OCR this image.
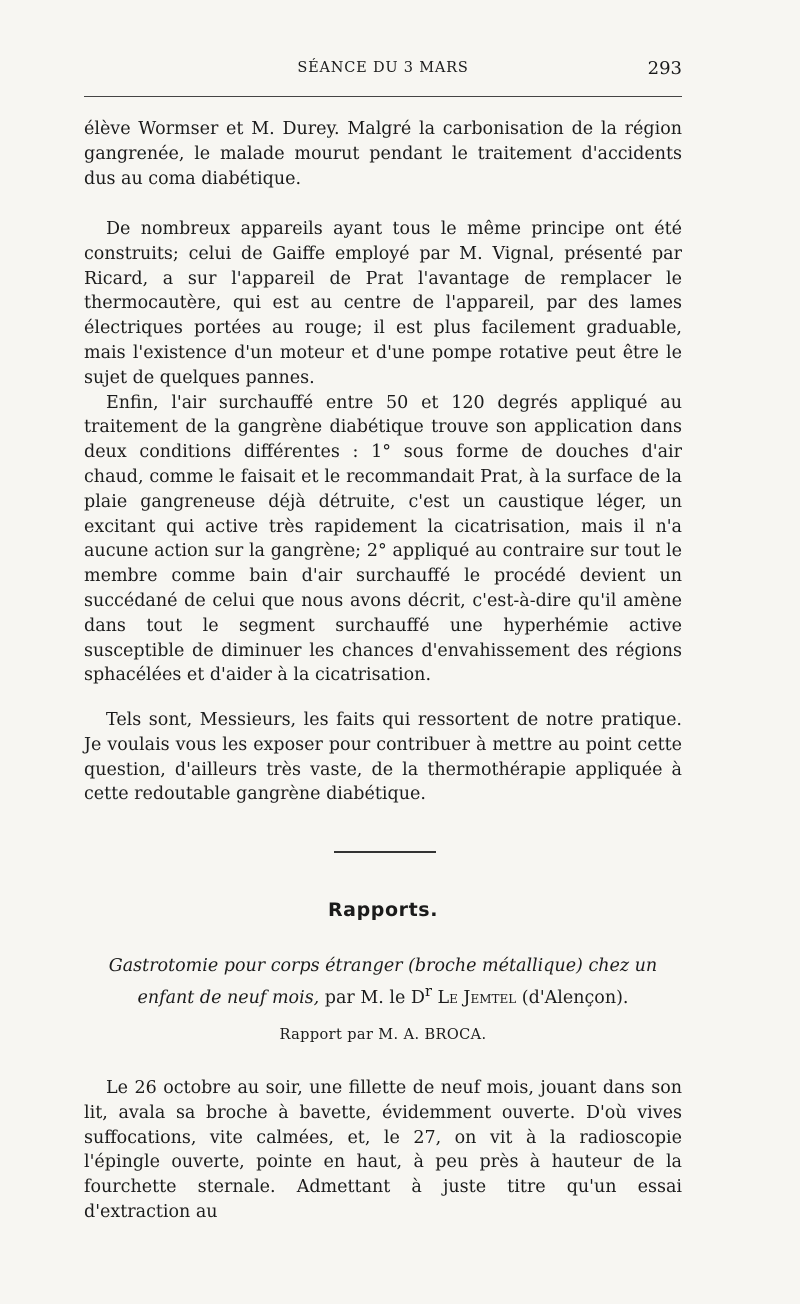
SÉANCE DU 3 MARS	293

élève Wormser et M. Durey. Malgré la carbonisation de la région gangrenée, le malade mourut pendant le traitement d'accidents dus au coma diabétique.

De nombreux appareils ayant tous le même principe ont été construits; celui de Gaiffe employé par M. Vignal, présenté par Ricard, a sur l'appareil de Prat l'avantage de remplacer le thermocautère, qui est au centre de l'appareil, par des lames électriques portées au rouge; il est plus facilement graduable, mais l'existence d'un moteur et d'une pompe rotative peut être le sujet de quelques pannes.

Enfin, l'air surchauffé entre 50 et 120 degrés appliqué au traitement de la gangrène diabétique trouve son application dans deux conditions différentes : 1° sous forme de douches d'air chaud, comme le faisait et le recommandait Prat, à la surface de la plaie gangreneuse déjà détruite, c'est un caustique léger, un excitant qui active très rapidement la cicatrisation, mais il n'a aucune action sur la gangrène; 2° appliqué au contraire sur tout le membre comme bain d'air surchauffé le procédé devient un succédané de celui que nous avons décrit, c'est-à-dire qu'il amène dans tout le segment surchauffé une hyperhémie active susceptible de diminuer les chances d'envahissement des régions sphacélées et d'aider à la cicatrisation.

Tels sont, Messieurs, les faits qui ressortent de notre pratique. Je voulais vous les exposer pour contribuer à mettre au point cette question, d'ailleurs très vaste, de la thermothérapie appliquée à cette redoutable gangrène diabétique.

Rapports.
Gastrotomie pour corps étranger (broche métallique) chez un enfant de neuf mois, par M. le $D^r$ Le Jemtel (d'Alençon).
Rapport par M. A. BROCA.

Le 26 octobre au soir, une fillette de neuf mois, jouant dans son lit, avala sa broche à bavette, évidemment ouverte. D'où vives suffocations, vite calmées, et, le 27, on vit à la radioscopie l'épingle ouverte, pointe en haut, à peu près à hauteur de la fourchette sternale. Admettant à juste titre qu'un essai d'extraction au
